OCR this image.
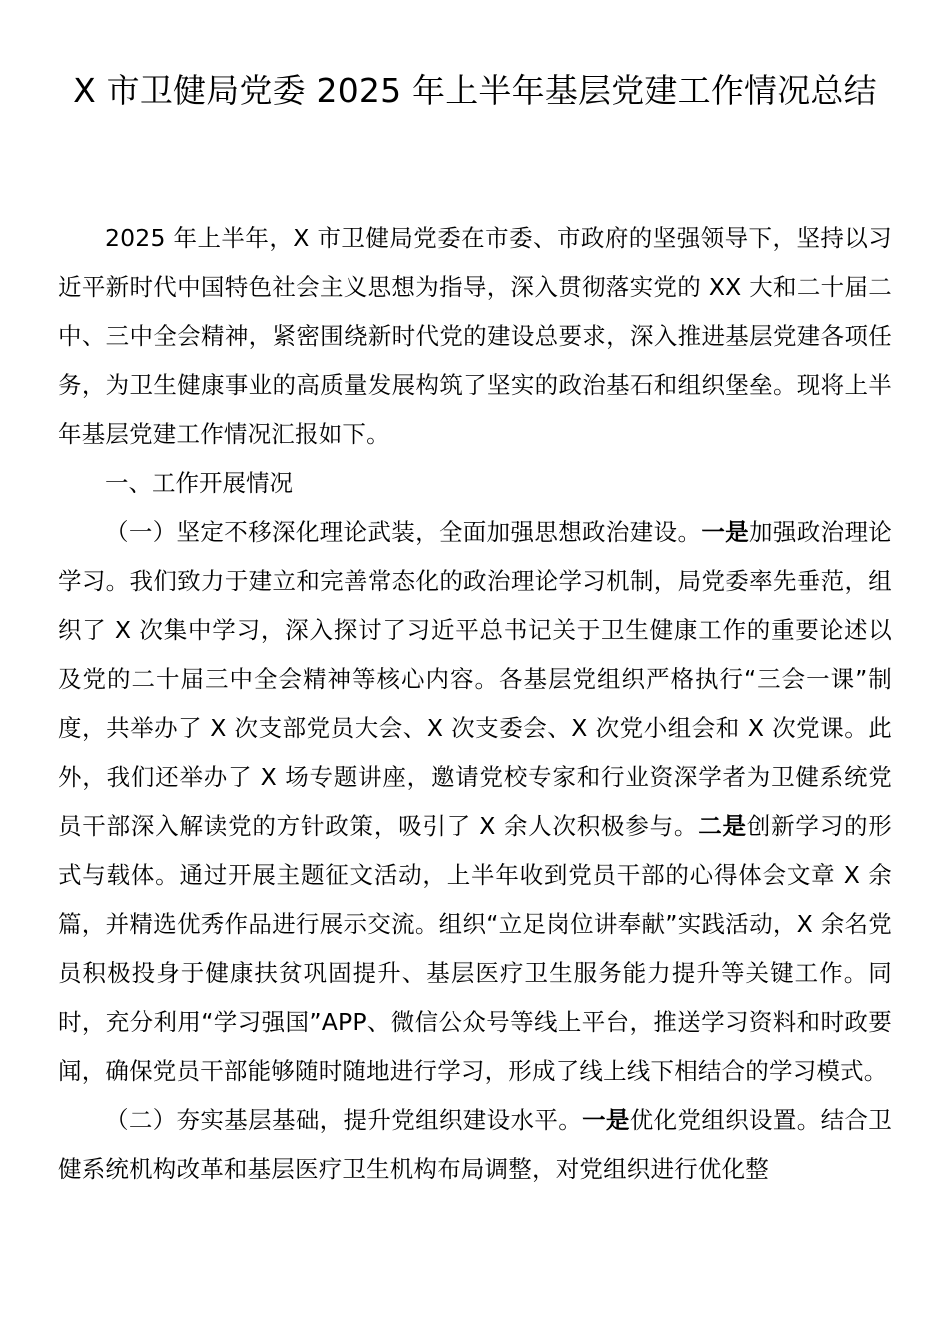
X 市卫健局党委 2025 年上半年基层党建工作情况总结

2025 年上半年，X 市卫健局党委在市委、市政府的坚强领导下，坚持以习近平新时代中国特色社会主义思想为指导，深入贯彻落实党的 XX 大和二十届二中、三中全会精神，紧密围绕新时代党的建设总要求，深入推进基层党建各项任务，为卫生健康事业的高质量发展构筑了坚实的政治基石和组织堡垒。现将上半年基层党建工作情况汇报如下。

一、工作开展情况

（一）坚定不移深化理论武装，全面加强思想政治建设。一是加强政治理论学习。我们致力于建立和完善常态化的政治理论学习机制，局党委率先垂范，组织了 X 次集中学习，深入探讨了习近平总书记关于卫生健康工作的重要论述以及党的二十届三中全会精神等核心内容。各基层党组织严格执行“三会一课”制度，共举办了 X 次支部党员大会、X 次支委会、X 次党小组会和 X 次党课。此外，我们还举办了 X 场专题讲座，邀请党校专家和行业资深学者为卫健系统党员干部深入解读党的方针政策，吸引了 X 余人次积极参与。二是创新学习的形式与载体。通过开展主题征文活动，上半年收到党员干部的心得体会文章 X 余篇，并精选优秀作品进行展示交流。组织“立足岗位讲奉献”实践活动，X 余名党员积极投身于健康扶贫巩固提升、基层医疗卫生服务能力提升等关键工作。同时，充分利用“学习强国”APP、微信公众号等线上平台，推送学习资料和时政要闻，确保党员干部能够随时随地进行学习，形成了线上线下相结合的学习模式。

（二）夯实基层基础，提升党组织建设水平。一是优化党组织设置。结合卫健系统机构改革和基层医疗卫生机构布局调整，对党组织进行优化整
